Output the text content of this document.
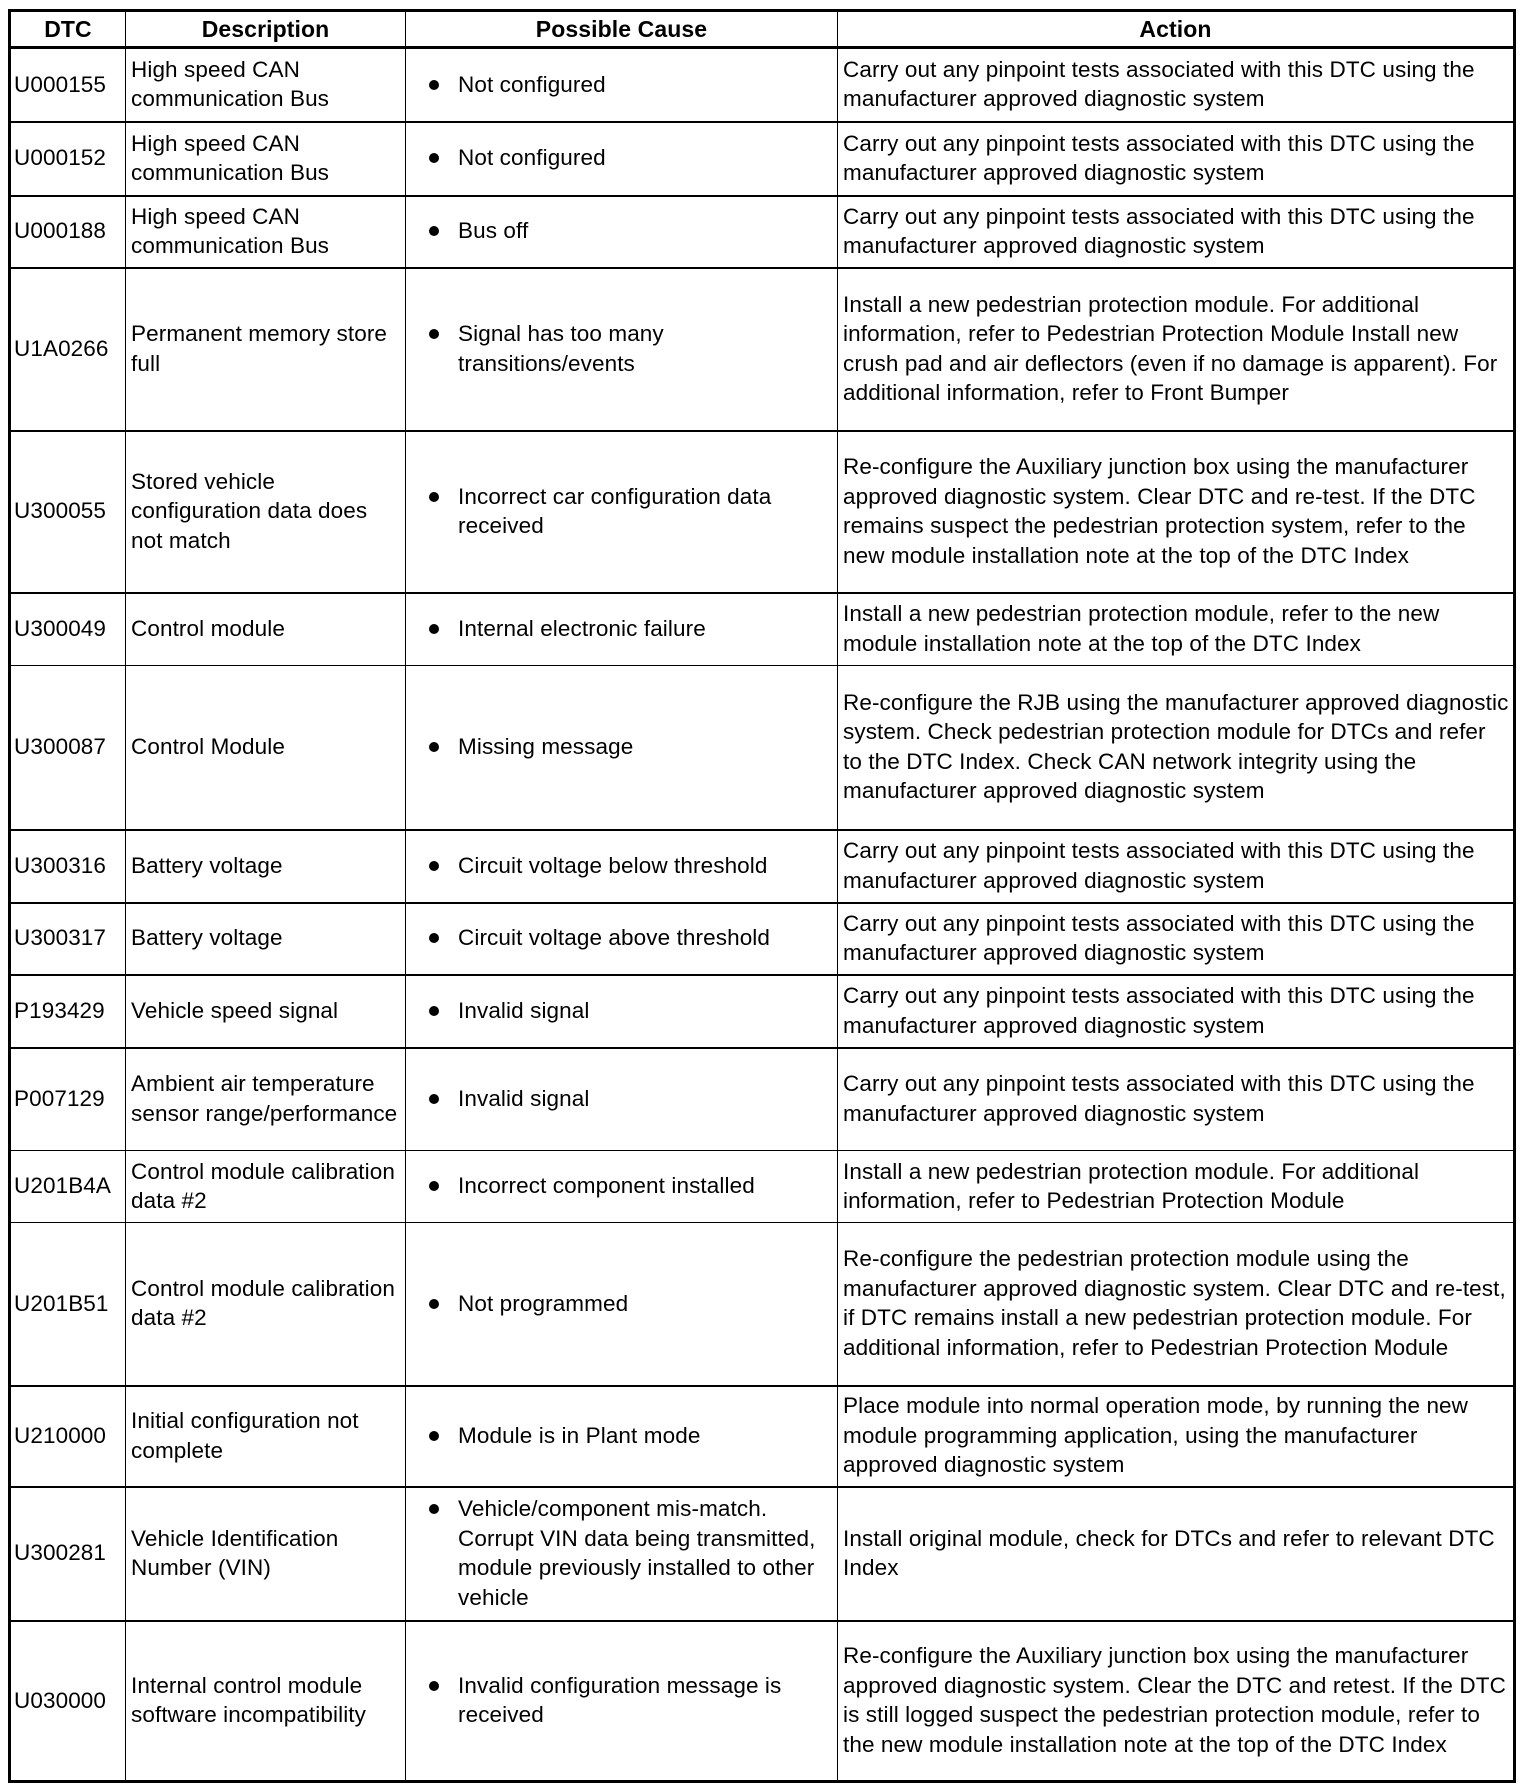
DTC	Description	Possible Cause	Action
U000155	High speed CAN communication Bus	Not configured	Carry out any pinpoint tests associated with this DTC using the manufacturer approved diagnostic system
U000152	High speed CAN communication Bus	Not configured	Carry out any pinpoint tests associated with this DTC using the manufacturer approved diagnostic system
U000188	High speed CAN communication Bus	Bus off	Carry out any pinpoint tests associated with this DTC using the manufacturer approved diagnostic system
U1A0266	Permanent memory store full	Signal has too many transitions/events	Install a new pedestrian protection module. For additional information, refer to Pedestrian Protection Module Install new crush pad and air deflectors (even if no damage is apparent). For additional information, refer to Front Bumper
U300055	Stored vehicle configuration data does not match	Incorrect car configuration data received	Re-configure the Auxiliary junction box using the manufacturer approved diagnostic system. Clear DTC and re-test. If the DTC remains suspect the pedestrian protection system, refer to the new module installation note at the top of the DTC Index
U300049	Control module	Internal electronic failure	Install a new pedestrian protection module, refer to the new module installation note at the top of the DTC Index
U300087	Control Module	Missing message	Re-configure the RJB using the manufacturer approved diagnostic system. Check pedestrian protection module for DTCs and refer to the DTC Index. Check CAN network integrity using the manufacturer approved diagnostic system
U300316	Battery voltage	Circuit voltage below threshold	Carry out any pinpoint tests associated with this DTC using the manufacturer approved diagnostic system
U300317	Battery voltage	Circuit voltage above threshold	Carry out any pinpoint tests associated with this DTC using the manufacturer approved diagnostic system
P193429	Vehicle speed signal	Invalid signal	Carry out any pinpoint tests associated with this DTC using the manufacturer approved diagnostic system
P007129	Ambient air temperature sensor range/performance	Invalid signal	Carry out any pinpoint tests associated with this DTC using the manufacturer approved diagnostic system
U201B4A	Control module calibration data #2	Incorrect component installed	Install a new pedestrian protection module. For additional information, refer to Pedestrian Protection Module
U201B51	Control module calibration data #2	Not programmed	Re-configure the pedestrian protection module using the manufacturer approved diagnostic system. Clear DTC and re-test, if DTC remains install a new pedestrian protection module. For additional information, refer to Pedestrian Protection Module
U210000	Initial configuration not complete	Module is in Plant mode	Place module into normal operation mode, by running the new module programming application, using the manufacturer approved diagnostic system
U300281	Vehicle Identification Number (VIN)	Vehicle/component mis-match. Corrupt VIN data being transmitted, module previously installed to other vehicle	Install original module, check for DTCs and refer to relevant DTC Index
U030000	Internal control module software incompatibility	Invalid configuration message is received	Re-configure the Auxiliary junction box using the manufacturer approved diagnostic system. Clear the DTC and retest. If the DTC is still logged suspect the pedestrian protection module, refer to the new module installation note at the top of the DTC Index
